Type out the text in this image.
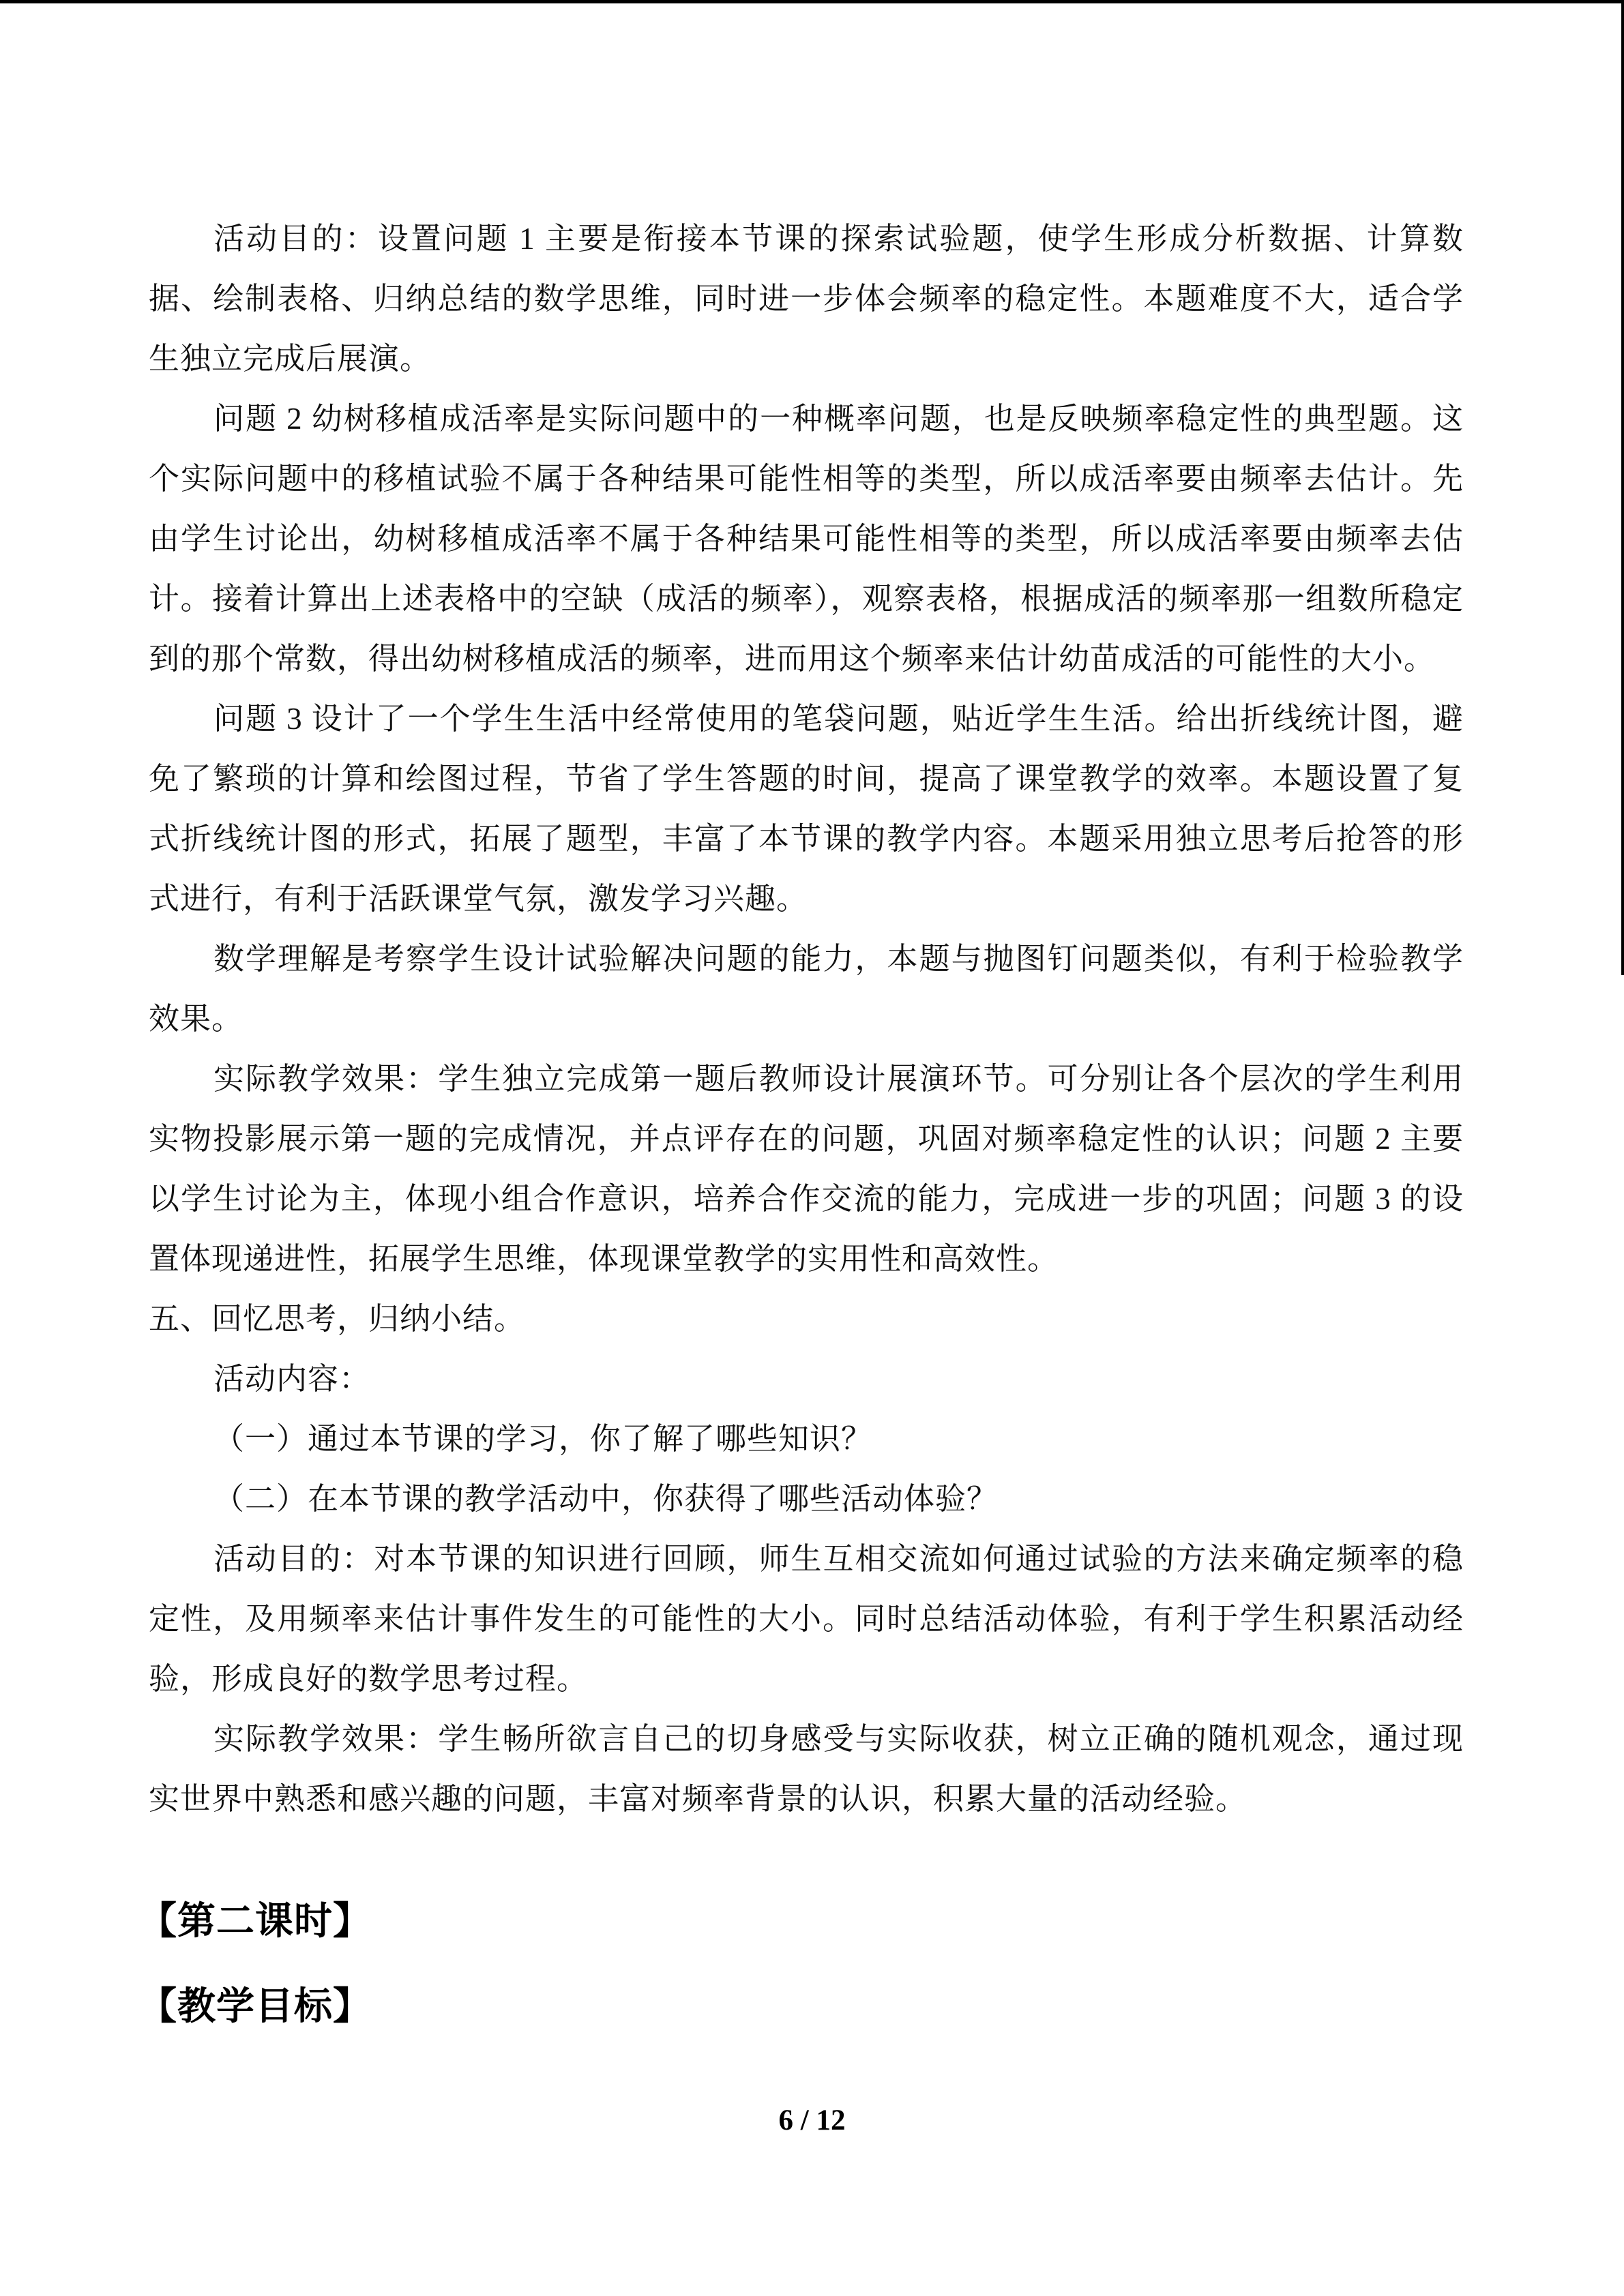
活动目的：设置问题 1 主要是衔接本节课的探索试验题，使学生形成分析数据、计算数据、绘制表格、归纳总结的数学思维，同时进一步体会频率的稳定性。本题难度不大，适合学生独立完成后展演。

问题 2 幼树移植成活率是实际问题中的一种概率问题，也是反映频率稳定性的典型题。这个实际问题中的移植试验不属于各种结果可能性相等的类型，所以成活率要由频率去估计。先由学生讨论出，幼树移植成活率不属于各种结果可能性相等的类型，所以成活率要由频率去估计。接着计算出上述表格中的空缺（成活的频率），观察表格，根据成活的频率那一组数所稳定到的那个常数，得出幼树移植成活的频率，进而用这个频率来估计幼苗成活的可能性的大小。

问题 3 设计了一个学生生活中经常使用的笔袋问题，贴近学生生活。给出折线统计图，避免了繁琐的计算和绘图过程，节省了学生答题的时间，提高了课堂教学的效率。本题设置了复式折线统计图的形式，拓展了题型，丰富了本节课的教学内容。本题采用独立思考后抢答的形式进行，有利于活跃课堂气氛，激发学习兴趣。

数学理解是考察学生设计试验解决问题的能力，本题与抛图钉问题类似，有利于检验教学效果。

实际教学效果：学生独立完成第一题后教师设计展演环节。可分别让各个层次的学生利用实物投影展示第一题的完成情况，并点评存在的问题，巩固对频率稳定性的认识；问题 2 主要以学生讨论为主，体现小组合作意识，培养合作交流的能力，完成进一步的巩固；问题 3 的设置体现递进性，拓展学生思维，体现课堂教学的实用性和高效性。

五、回忆思考，归纳小结。

活动内容：

（一）通过本节课的学习，你了解了哪些知识？

（二）在本节课的教学活动中，你获得了哪些活动体验？

活动目的：对本节课的知识进行回顾，师生互相交流如何通过试验的方法来确定频率的稳定性，及用频率来估计事件发生的可能性的大小。同时总结活动体验，有利于学生积累活动经验，形成良好的数学思考过程。

实际教学效果：学生畅所欲言自己的切身感受与实际收获，树立正确的随机观念，通过现实世界中熟悉和感兴趣的问题，丰富对频率背景的认识，积累大量的活动经验。

【第二课时】
【教学目标】
6 / 12
